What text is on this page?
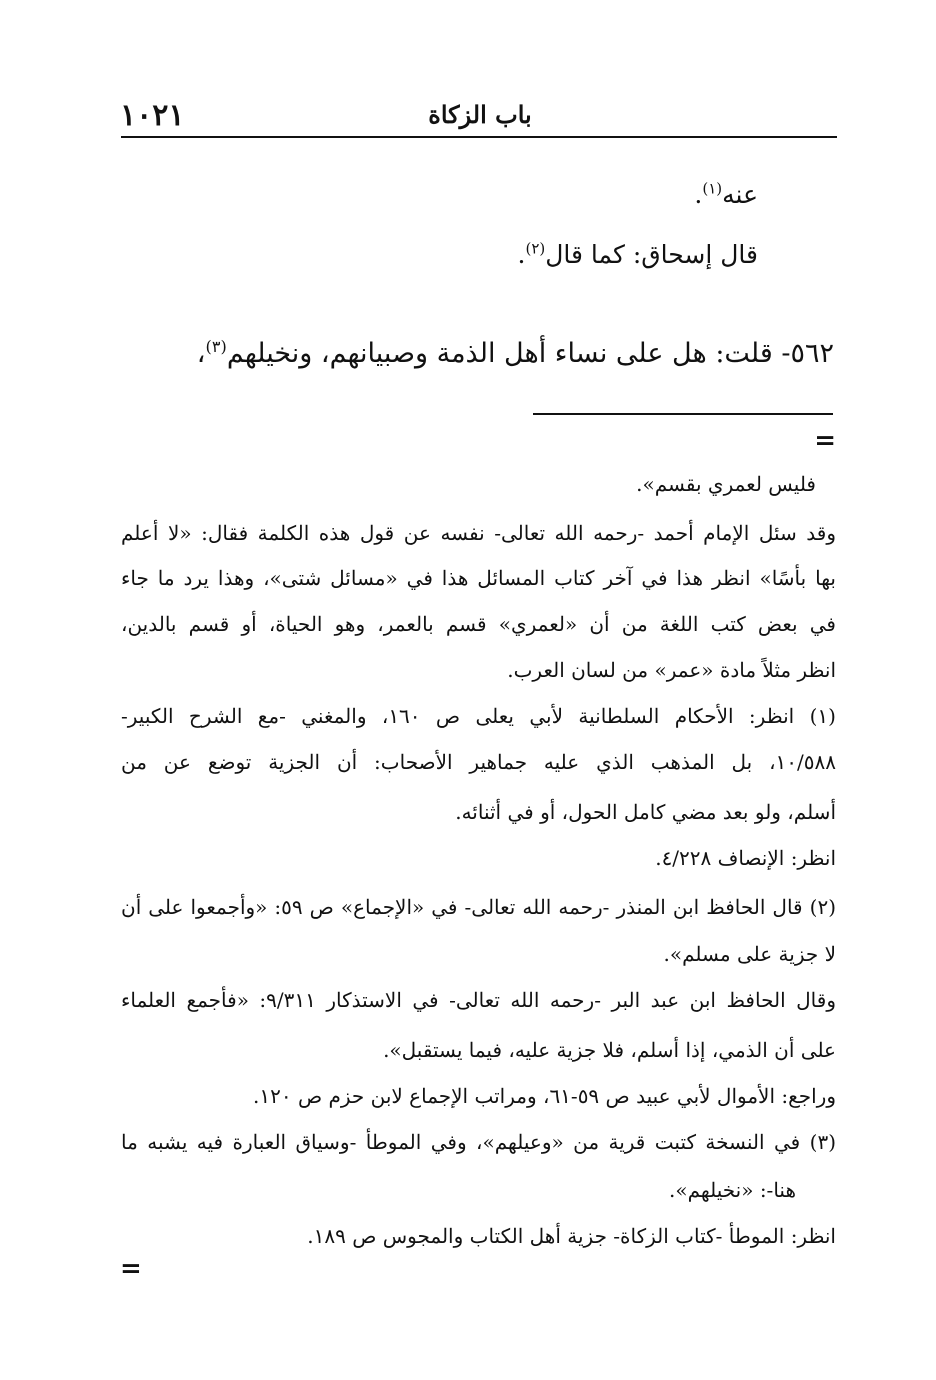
١٠٢١	باب الزكاة
عنه$^{(١)}$.
قال إسحاق: كما قال$^{(٢)}$.
٥٦٢- قلت: هل على نساء أهل الذمة وصبيانهم، ونخيلهم$^{(٣)}$،
=
فليس لعمري بقسم».
وقد سئل الإمام أحمد -رحمه الله تعالى- نفسه عن قول هذه الكلمة فقال: «لا أعلم
بها بأسًا» انظر هذا في آخر كتاب المسائل هذا في «مسائل شتى»، وهذا يرد ما جاء
في بعض كتب اللغة من أن «لعمري» قسم بالعمر، وهو الحياة، أو قسم بالدين،
انظر مثلاً مادة «عمر» من لسان العرب.
(١) انظر: الأحكام السلطانية لأبي يعلى ص ١٦٠، والمغني -مع الشرح الكبير-
١٠/٥٨٨، بل المذهب الذي عليه جماهير الأصحاب: أن الجزية توضع عن من
أسلم، ولو بعد مضي كامل الحول، أو في أثنائه.
انظر: الإنصاف ٤/٢٢٨.
(٢) قال الحافظ ابن المنذر -رحمه الله تعالى- في «الإجماع» ص ٥٩: «وأجمعوا على أن
لا جزية على مسلم».
وقال الحافظ ابن عبد البر -رحمه الله تعالى- في الاستذكار ٩/٣١١: «فأجمع العلماء
على أن الذمي، إذا أسلم، فلا جزية عليه، فيما يستقبل».
وراجع: الأموال لأبي عبيد ص ٥٩-٦١، ومراتب الإجماع لابن حزم ص ١٢٠.
(٣) في النسخة كتبت قرية من «وعيلهم»، وفي الموطأ -وسياق العبارة فيه يشبه ما
هنا-: «نخيلهم».
انظر: الموطأ -كتاب الزكاة- جزية أهل الكتاب والمجوس ص ١٨٩.
=
